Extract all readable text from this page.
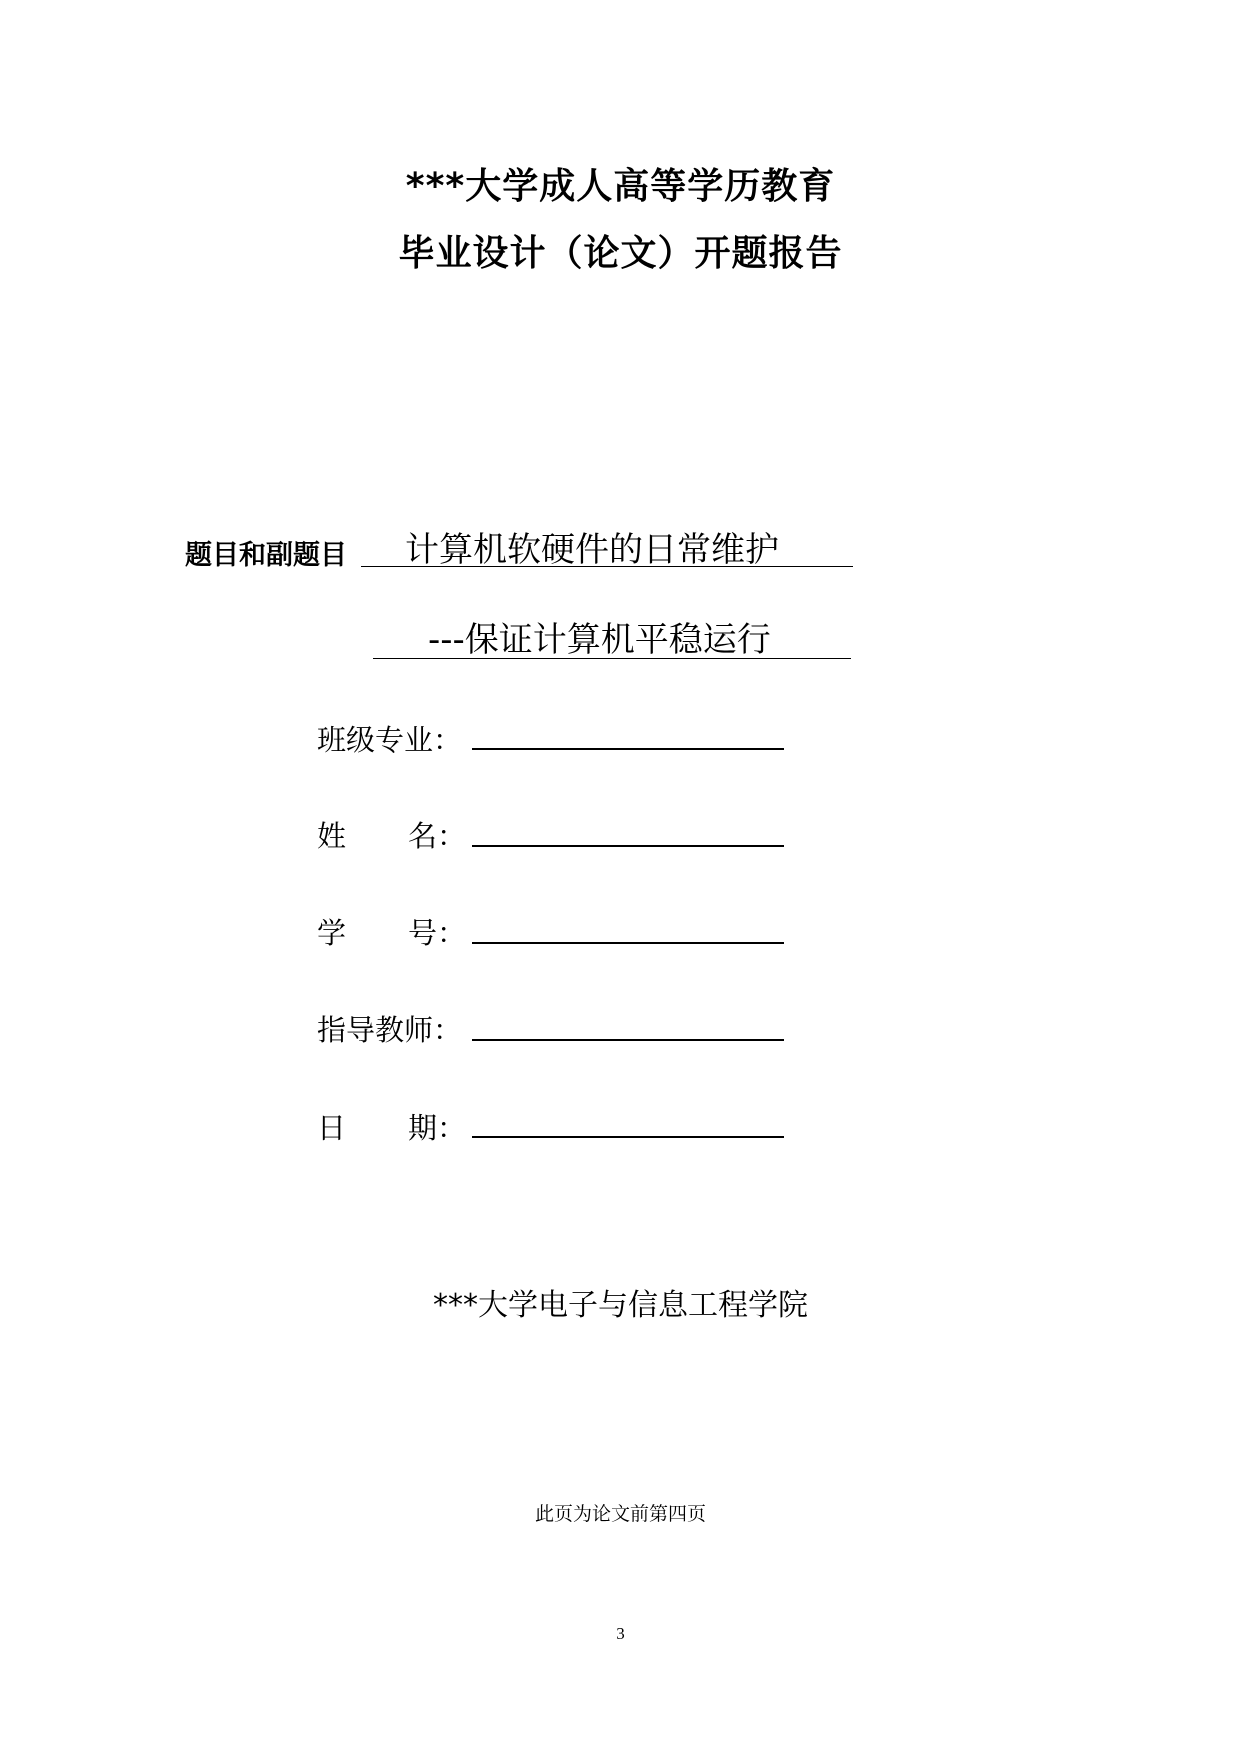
***大学成人高等学历教育
毕业设计（论文）开题报告
题目和副题目 计算机软硬件的日常维护
---保证计算机平稳运行
班级专业：
姓 名：
学 号：
指导教师：
日 期：
***大学电子与信息工程学院
此页为论文前第四页
3
